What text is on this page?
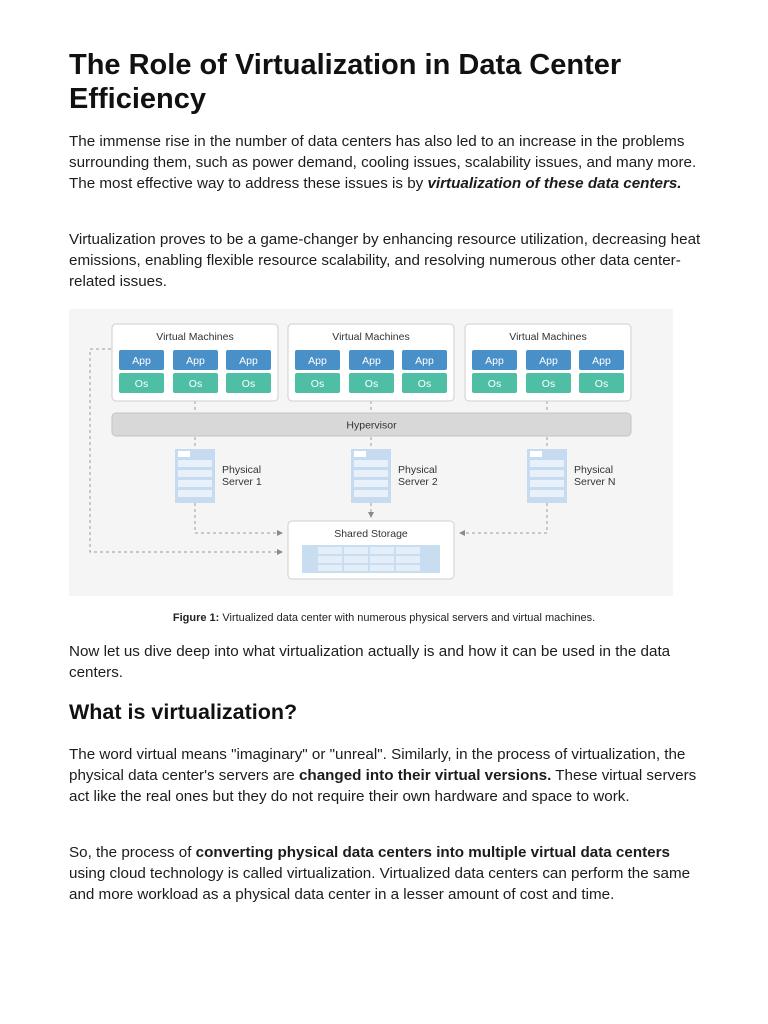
The Role of Virtualization in Data Center Efficiency

The immense rise in the number of data centers has also led to an increase in the problems surrounding them, such as power demand, cooling issues, scalability issues, and many more. The most effective way to address these issues is by virtualization of these data centers.

Virtualization proves to be a game-changer by enhancing resource utilization, decreasing heat emissions, enabling flexible resource scalability, and resolving numerous other data center-related issues.

Virtual Machines
App	App	App
Os	Os	Os
Virtual Machines
App	App	App
Os	Os	Os
Virtual Machines
App	App	App
Os	Os	Os
Hypervisor
Physical
Server 1
Physical
Server 2
Physical
Server N
Shared Storage
Figure 1: Virtualized data center with numerous physical servers and virtual machines.

Now let us dive deep into what virtualization actually is and how it can be used in the data centers.

What is virtualization?

The word virtual means "imaginary" or "unreal". Similarly, in the process of virtualization, the physical data center's servers are changed into their virtual versions. These virtual servers act like the real ones but they do not require their own hardware and space to work.

So, the process of converting physical data centers into multiple virtual data centers using cloud technology is called virtualization. Virtualized data centers can perform the same and more workload as a physical data center in a lesser amount of cost and time.
